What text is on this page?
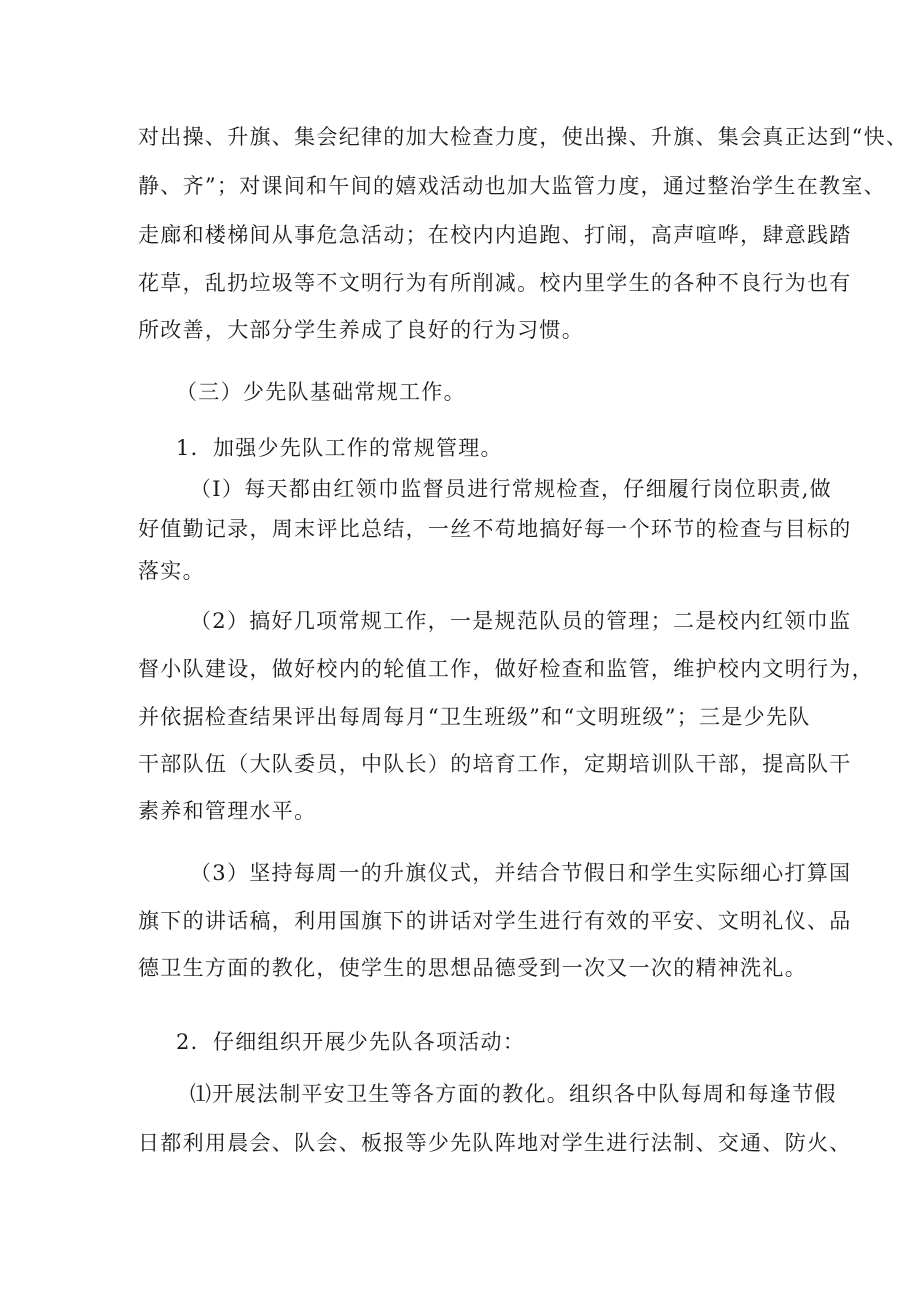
对出操、升旗、集会纪律的加大检查力度，使出操、升旗、集会真正达到“快、
静、齐”；对课间和午间的嬉戏活动也加大监管力度，通过整治学生在教室、
走廊和楼梯间从事危急活动；在校内内追跑、打闹，高声喧哗，肆意践踏
花草，乱扔垃圾等不文明行为有所削减。校内里学生的各种不良行为也有
所改善，大部分学生养成了良好的行为习惯。
（三）少先队基础常规工作。
1．加强少先队工作的常规管理。
（I）每天都由红领巾监督员进行常规检查，仔细履行岗位职责,做
好值勤记录，周末评比总结，一丝不苟地搞好每一个环节的检查与目标的
落实。
（2）搞好几项常规工作，一是规范队员的管理；二是校内红领巾监
督小队建设，做好校内的轮值工作，做好检查和监管，维护校内文明行为，
并依据检查结果评出每周每月“卫生班级”和“文明班级”；三是少先队
干部队伍（大队委员，中队长）的培育工作，定期培训队干部，提高队干
素养和管理水平。
（3）坚持每周一的升旗仪式，并结合节假日和学生实际细心打算国
旗下的讲话稿，利用国旗下的讲话对学生进行有效的平安、文明礼仪、品
德卫生方面的教化，使学生的思想品德受到一次又一次的精神洗礼。
2．仔细组织开展少先队各项活动：
⑴开展法制平安卫生等各方面的教化。组织各中队每周和每逢节假
日都利用晨会、队会、板报等少先队阵地对学生进行法制、交通、防火、
